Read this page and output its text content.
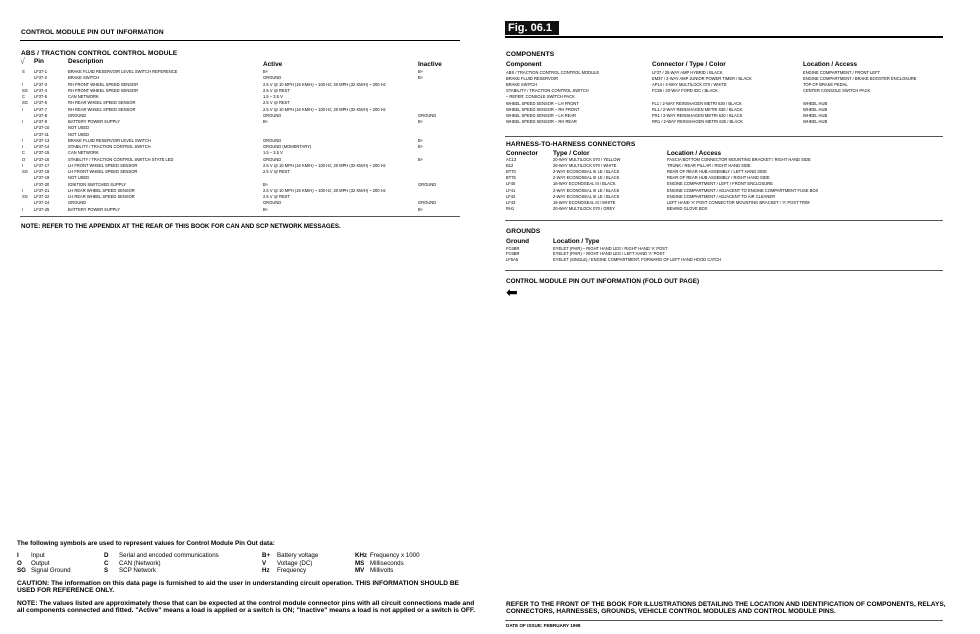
CONTROL MODULE PIN OUT INFORMATION
ABS / TRACTION CONTROL CONTROL MODULE
√ Pin	Description	Active	Inactive
S LF37-1	BRAKE FLUID RESERVOIR LEVEL SWITCH REFERENCE	B+	B+
LF37-2	BRAKE SWITCH	GROUND	B+
I	LF37-3	RH FRONT WHEEL SPEED SENSOR	2.5 V @ 10 MPH (16 KM/H) ~ 100 Hz; 20 MPH (32 KM/H) ~ 200 Hz
SG LF37-4	RH FRONT WHEEL SPEED SENSOR	2.5 V @ REST
C LF37-5	CAN NETWORK	1.5 – 3.5 V
SG LF37-6	RH REAR WHEEL SPEED SENSOR	2.5 V @ REST
I	LF37-7	RH REAR WHEEL SPEED SENSOR	2.5 V @ 10 MPH (16 KM/H) ~ 100 Hz; 20 MPH (32 KM/H) ~ 200 Hz
LF37-8	GROUND	GROUND	GROUND
I	LF37-9	BATTERY POWER SUPPLY	B+	B+
LF37-10	NOT USED
LF37-11	NOT USED
I	LF37-13	BRAKE FLUID RESERVOIR LEVEL SWITCH	GROUND	B+
I	LF37-14	STABILITY / TRACTION CONTROL SWITCH	GROUND (MOMENTARY)	B+
C LF37-15	CAN NETWORK	1.5 – 3.5 V
O LF37-16	STABILITY / TRACTION CONTROL SWITCH STATE LED	GROUND	B+
I	LF37-17	LH FRONT WHEEL SPEED SENSOR	2.5 V @ 10 MPH (16 KM/H) ~ 100 Hz; 20 MPH (32 KM/H) ~ 200 Hz
SG LF37-18	LH FRONT WHEEL SPEED SENSOR	2.5 V @ REST
LF37-19	NOT USED
LF37-20	IGNITION SWITCHED SUPPLY	B+	GROUND
I	LF37-21	LH REAR WHEEL SPEED SENSOR	2.5 V @ 10 MPH (16 KM/H) ~ 100 Hz; 20 MPH (32 KM/H) ~ 200 Hz
SG LF37-22	LH REAR WHEEL SPEED SENSOR	2.5 V @ REST
LF37-24	GROUND	GROUND	GROUND
I	LF37-25	BATTERY POWER SUPPLY	B+	B+
NOTE: REFER TO THE APPENDIX AT THE REAR OF THIS BOOK FOR CAN AND SCP NETWORK MESSAGES.
The following symbols are used to represent values for Control Module Pin Out data:
I Input	D Serial and encoded communications	B+ Battery voltage	KHz Frequency x 1000
O Output	C CAN (Network)	V Voltage (DC)	MS Milliseconds
SG Signal Ground	S SCP Network	Hz Frequency	MV Millivolts
CAUTION: The information on this data page is furnished to aid the user in understanding circuit operation. THIS INFORMATION SHOULD BE USED FOR REFERENCE ONLY.
NOTE: The values listed are approximately those that can be expected at the control module connector pins with all circuit connections made and all components connected and fitted. "Active" means a load is applied or a switch is ON; "Inactive" means a load is not applied or a switch is OFF.
Fig. 06.1
COMPONENTS
Component	Connector / Type / Color	Location / Access
ABS / TRACTION CONTROL CONTROL MODULE	LF37 / 25-WAY AMP HYBRID / BLACK	ENGINE COMPARTMENT / FRONT LEFT
BRAKE FLUID RESERVOIR	EM37 / 2-WAY AMP JUNIOR POWER TIMER / BLACK	ENGINE COMPARTMENT / BRAKE BOOSTER ENCLOSURE
BRAKE SWITCH	AP14 / 4-WAY MULTILOCK 070 / WHITE	TOP OF BRAKE PEDAL
STABILITY / TRACTION CONTROL SWITCH	FC55 / 20-WAY FORD IDC / BLACK	CENTER CONSOLE SWITCH PACK
– REFER: CONSOLE SWITCH PACK
WHEEL SPEED SENSOR – LH FRONT	FL1 / 2-WAY REINSHAGEN METRI 630 / BLACK	WHEEL HUB
WHEEL SPEED SENSOR – RH FRONT	RL1 / 2-WAY REINSHAGEN METRI 630 / BLACK	WHEEL HUB
WHEEL SPEED SENSOR – LH REAR	FR1 / 2-WAY REINSHAGEN METRI 630 / BLACK	WHEEL HUB
WHEEL SPEED SENSOR – RH REAR	RR1 / 2-WAY REINSHAGEN METRI 630 / BLACK	WHEEL HUB
HARNESS-TO-HARNESS CONNECTORS
Connector Type / Color	Location / Access
AC13	20-WAY MULTILOCK 070 / YELLOW	FASCIA BOTTOM CONNECTOR MOUNTING BRACKET / RIGHT HAND SIDE
B12	20-WAY MULTILOCK 070 / WHITE	TRUNK / REAR PILLAR / RIGHT HAND SIDE
BT70	2-WAY ECONOSEAL III LE / BLACK	REAR OF REAR HUB ASSEMBLY / LEFT HAND SIDE
BT75	2-WAY ECONOSEAL III LE / BLACK	REAR OF REAR HUB ASSEMBLY / RIGHT HAND SIDE
LF40	16-WAY ECONOSEAL III / BLACK	ENGINE COMPARTMENT / LEFT / FRONT ENCLOSURE
LF41	2-WAY ECONOSEAL III LE / BLACK	ENGINE COMPARTMENT / ADJACENT TO ENGINE COMPARTMENT FUSE BOX
LF42	2-WAY ECONOSEAL III LE / BLACK	ENGINE COMPARTMENT / ADJACENT TO AIR CLEANER
LF43	16-WAY ECONOSEAL III / WHITE	LEFT HAND 'A' POST CONNECTOR MOUNTING BRACKET / 'A' POST TRIM
RH1	20-WAY MULTILOCK 070 / GREY	BEHIND GLOVE BOX
GROUNDS
Ground	Location / Type
FC6BR	EYELET (PAIR) – RIGHT HAND LEG / RIGHT HAND 'A' POST
FC6BR	EYELET (PAIR) – RIGHT HAND LEG / LEFT HAND 'A' POST
LF5A5	EYELET (SINGLE) / ENGINE COMPARTMENT, FORWARD OF LEFT HAND HOOD CATCH
CONTROL MODULE PIN OUT INFORMATION (FOLD OUT PAGE)
⬅
REFER TO THE FRONT OF THE BOOK FOR ILLUSTRATIONS DETAILING THE LOCATION AND IDENTIFICATION OF COMPONENTS, RELAYS, CONNECTORS, HARNESSES, GROUNDS, VEHICLE CONTROL MODULES AND CONTROL MODULE PINS.
DATE OF ISSUE: FEBRUARY 1998
